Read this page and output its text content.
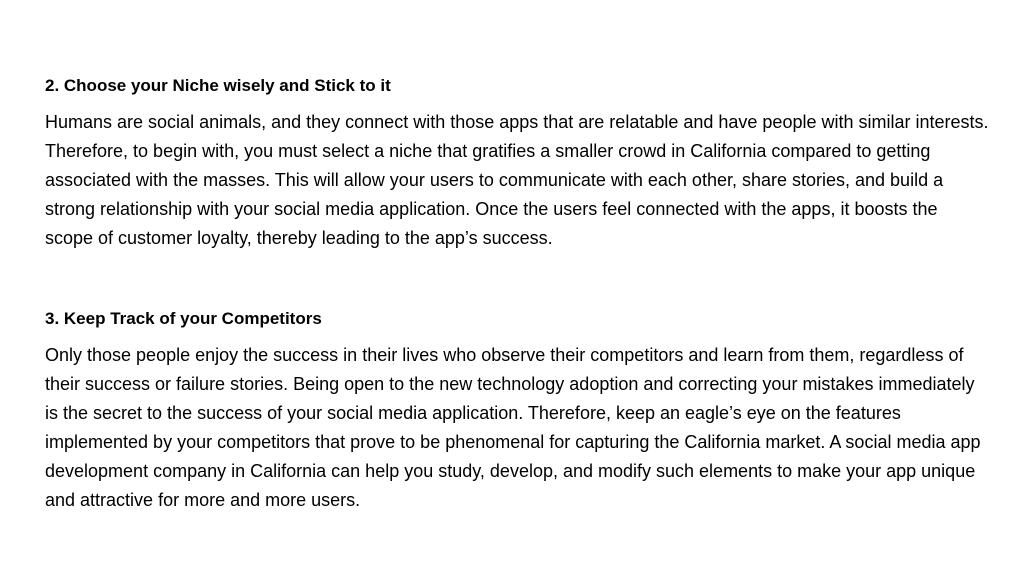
2. Choose your Niche wisely and Stick to it

Humans are social animals, and they connect with those apps that are relatable and have people with similar interests. Therefore, to begin with, you must select a niche that gratifies a smaller crowd in California compared to getting associated with the masses. This will allow your users to communicate with each other, share stories, and build a strong relationship with your social media application. Once the users feel connected with the apps, it boosts the scope of customer loyalty, thereby leading to the app’s success.

3. Keep Track of your Competitors

Only those people enjoy the success in their lives who observe their competitors and learn from them, regardless of their success or failure stories. Being open to the new technology adoption and correcting your mistakes immediately is the secret to the success of your social media application. Therefore, keep an eagle’s eye on the features implemented by your competitors that prove to be phenomenal for capturing the California market. A social media app development company in California can help you study, develop, and modify such elements to make your app unique and attractive for more and more users.
